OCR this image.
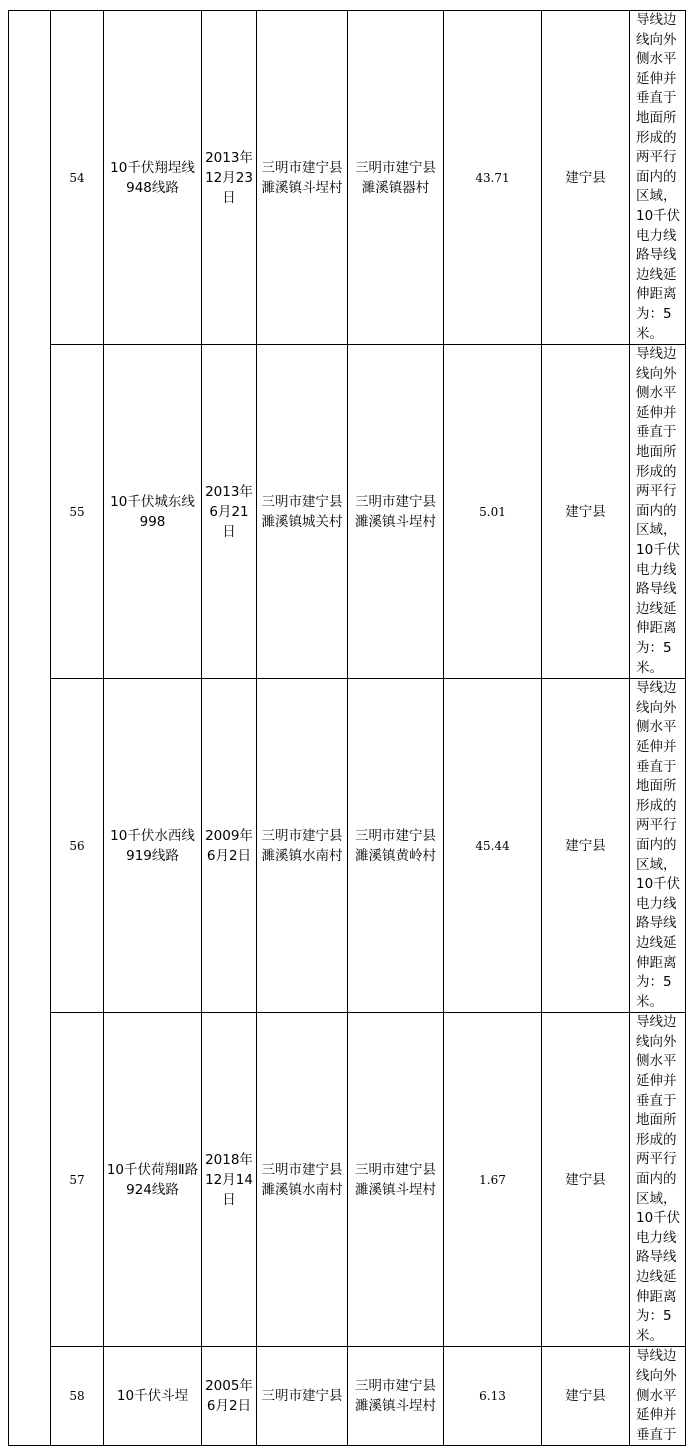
	54	10千伏翔埕线948线路	2013年12月23日	三明市建宁县濉溪镇斗埕村	三明市建宁县濉溪镇器村	43.71	建宁县	导线边线向外侧水平延伸并垂直于地面所形成的两平行面内的区域，10千伏电力线路导线边线延伸距离为：5米。
	55	10千伏城东线998	2013年6月21日	三明市建宁县濉溪镇城关村	三明市建宁县濉溪镇斗埕村	5.01	建宁县	导线边线向外侧水平延伸并垂直于地面所形成的两平行面内的区域，10千伏电力线路导线边线延伸距离为：5米。
	56	10千伏水西线919线路	2009年6月2日	三明市建宁县濉溪镇水南村	三明市建宁县濉溪镇黄岭村	45.44	建宁县	导线边线向外侧水平延伸并垂直于地面所形成的两平行面内的区域，10千伏电力线路导线边线延伸距离为：5米。
	57	10千伏荷翔Ⅱ路924线路	2018年12月14日	三明市建宁县濉溪镇水南村	三明市建宁县濉溪镇斗埕村	1.67	建宁县	导线边线向外侧水平延伸并垂直于地面所形成的两平行面内的区域，10千伏电力线路导线边线延伸距离为：5米。
	58	10千伏斗埕	2005年6月2日	三明市建宁县	三明市建宁县濉溪镇斗埕村	6.13	建宁县	导线边线向外侧水平延伸并垂直于
